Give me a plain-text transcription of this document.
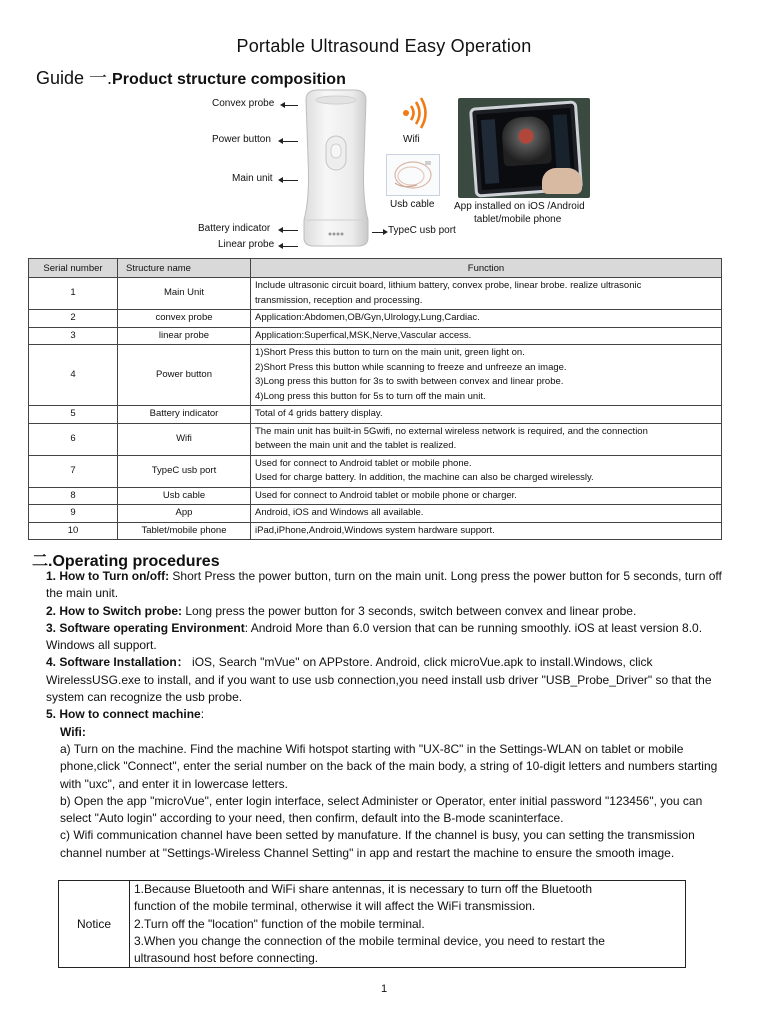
Portable Ultrasound Easy Operation
Guide 一.Product structure composition
Convex probe
Power button
Main unit
Battery indicator
Linear probe
TypeC usb port
Wifi
Usb cable App installed on iOS /Android
tablet/mobile phone
Serial number	Structure name	Function
1	Main Unit	Include ultrasonic circuit board, lithium battery, convex probe, linear brobe. realize ultrasonic
transmission, reception and processing.

2	convex probe	Application:Abdomen,OB/Gyn,Ulrology,Lung,Cardiac.

3	linear probe	Application:Superfical,MSK,Nerve,Vascular access.

4	Power button	1)Short Press this button to turn on the main unit, green light on.
2)Short Press this button while scanning to freeze and unfreeze an image.
3)Long press this button for 3s to swith between convex and linear probe.
4)Long press this button for 5s to turn off the main unit.

5	Battery indicator	Total of 4 grids battery display.

6	Wifi	The main unit has built-in 5Gwifi, no external wireless network is required, and the connection
between the main unit and the tablet is realized.

7	TypeC usb port	Used for connect to Android tablet or mobile phone.
Used for charge battery. In addition, the machine can also be charged wirelessly.

8	Usb cable	Used for connect to Android tablet or mobile phone or charger.

9	App	Android, iOS and Windows all available.

10	Tablet/mobile phone	iPad,iPhone,Android,Windows system hardware support.
二.Operating procedures

1. How to Turn on/off: Short Press the power button, turn on the main unit. Long press the power button for 5 seconds, turn off the main unit.

2. How to Switch probe: Long press the power button for 3 seconds, switch between convex and linear probe.

3. Software operating Environment: Android More than 6.0 version that can be running smoothly. iOS at least version 8.0. Windows all support.

4. Software Installation： iOS, Search "mVue" on APPstore. Android, click microVue.apk to install.Windows, click WirelessUSG.exe to install, and if you want to use usb connection,you need install usb driver "USB_Probe_Driver" so that the system can recognize the usb probe.

5. How to connect machine:

Wifi:

a) Turn on the machine. Find the machine Wifi hotspot starting with "UX-8C" in the Settings-WLAN on tablet or mobile phone,click "Connect", enter the serial number on the back of the main body, a string of 10-digit letters and numbers starting with "uxc", and enter it in lowercase letters.

b) Open the app "microVue", enter login interface, select Administer or Operator, enter initial password "123456", you can select "Auto login" according to your need, then confirm, default into the B-mode scaninterface.

c) Wifi communication channel have been setted by manufature. If the channel is busy, you can setting the transmission channel number at "Settings-Wireless Channel Setting" in app and restart the machine to ensure the smooth image.

Notice	
1.Because Bluetooth and WiFi share antennas, it is necessary to turn off the Bluetooth
function of the mobile terminal, otherwise it will affect the WiFi transmission.
2.Turn off the "location" function of the mobile terminal.
3.When you change the connection of the mobile terminal device, you need to restart the
ultrasound host before connecting.
1
